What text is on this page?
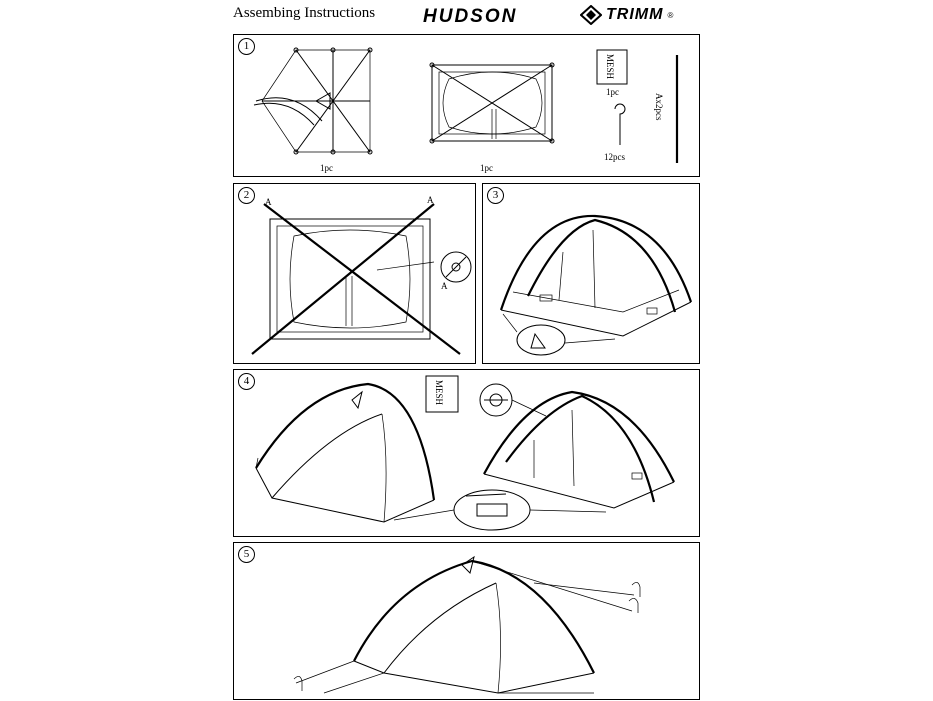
Assembing Instructions	HUDSON	TRIMM ®
1
1pc	1pc
MESH
1pc
12pcs
Ax2pcs
2
A	A
A
3
4	MESH
5
